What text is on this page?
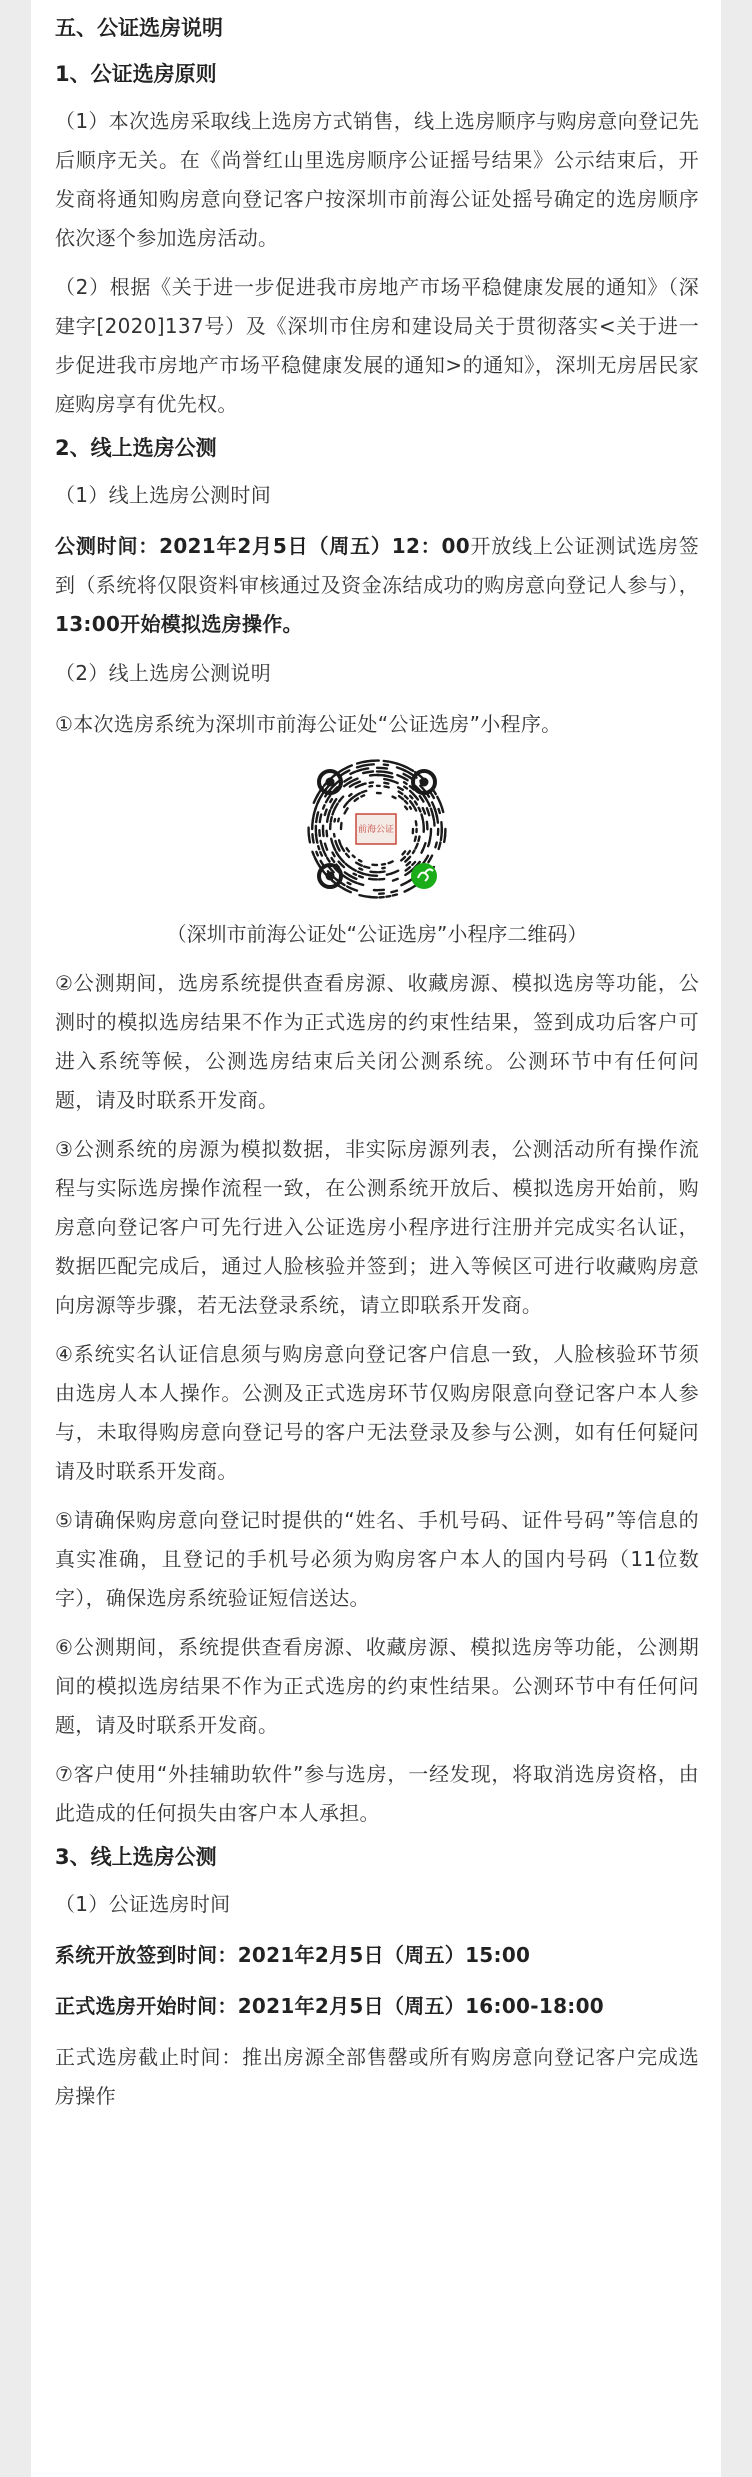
五、公证选房说明

1、公证选房原则

（1）本次选房采取线上选房方式销售，线上选房顺序与购房意向登记先后顺序无关。在《尚誉红山里选房顺序公证摇号结果》公示结束后，开发商将通知购房意向登记客户按深圳市前海公证处摇号确定的选房顺序依次逐个参加选房活动。

（2）根据《关于进一步促进我市房地产市场平稳健康发展的通知》（深建字[2020]137号）及《深圳市住房和建设局关于贯彻落实<关于进一步促进我市房地产市场平稳健康发展的通知>的通知》，深圳无房居民家庭购房享有优先权。

2、线上选房公测

（1）线上选房公测时间

公测时间：2021年2月5日（周五）12：00开放线上公证测试选房签到（系统将仅限资料审核通过及资金冻结成功的购房意向登记人参与），13:00开始模拟选房操作。

（2）线上选房公测说明

①本次选房系统为深圳市前海公证处“公证选房”小程序。

前海公证

（深圳市前海公证处“公证选房”小程序二维码）

②公测期间，选房系统提供查看房源、收藏房源、模拟选房等功能，公测时的模拟选房结果不作为正式选房的约束性结果，签到成功后客户可进入系统等候，公测选房结束后关闭公测系统。公测环节中有任何问题，请及时联系开发商。

③公测系统的房源为模拟数据，非实际房源列表，公测活动所有操作流程与实际选房操作流程一致，在公测系统开放后、模拟选房开始前，购房意向登记客户可先行进入公证选房小程序进行注册并完成实名认证，数据匹配完成后，通过人脸核验并签到；进入等候区可进行收藏购房意向房源等步骤，若无法登录系统，请立即联系开发商。

④系统实名认证信息须与购房意向登记客户信息一致，人脸核验环节须由选房人本人操作。公测及正式选房环节仅购房限意向登记客户本人参与，未取得购房意向登记号的客户无法登录及参与公测，如有任何疑问请及时联系开发商。

⑤请确保购房意向登记时提供的“姓名、手机号码、证件号码”等信息的真实准确，且登记的手机号必须为购房客户本人的国内号码（11位数字），确保选房系统验证短信送达。

⑥公测期间，系统提供查看房源、收藏房源、模拟选房等功能，公测期间的模拟选房结果不作为正式选房的约束性结果。公测环节中有任何问题，请及时联系开发商。

⑦客户使用“外挂辅助软件”参与选房，一经发现，将取消选房资格，由此造成的任何损失由客户本人承担。

3、线上选房公测

（1）公证选房时间

系统开放签到时间：2021年2月5日（周五）15:00

正式选房开始时间：2021年2月5日（周五）16:00-18:00

正式选房截止时间：推出房源全部售罄或所有购房意向登记客户完成选房操作
